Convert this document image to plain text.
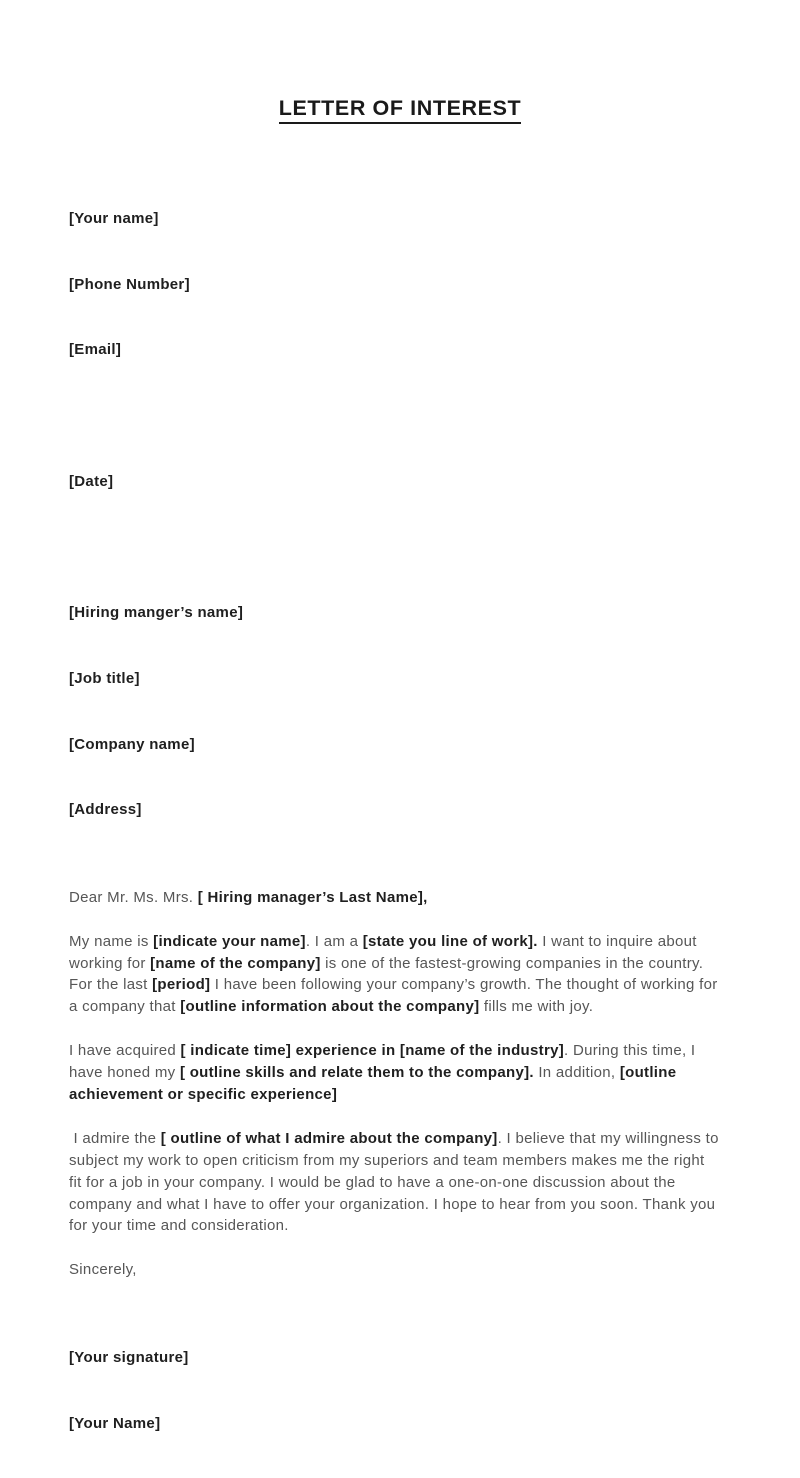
LETTER OF INTEREST

[Your name]

[Phone Number]

[Email]

[Date]

[Hiring manger’s name]

[Job title]

[Company name]

[Address]

Dear Mr. Ms. Mrs. [ Hiring manager’s Last Name],
My name is [indicate your name]. I am a [state you line of work]. I want to inquire about working for [name of the company] is one of the fastest-growing companies in the country. For the last [period] I have been following your company’s growth. The thought of working for a company that [outline information about the company] fills me with joy.
I have acquired [ indicate time] experience in [name of the industry]. During this time, I have honed my [ outline skills and relate them to the company]. In addition, [outline achievement or specific experience]
I admire the [ outline of what I admire about the company]. I believe that my willingness to subject my work to open criticism from my superiors and team members makes me the right fit for a job in your company. I would be glad to have a one-on-one discussion about the company and what I have to offer your organization. I hope to hear from you soon. Thank you for your time and consideration.
Sincerely,

[Your signature]

[Your Name]
